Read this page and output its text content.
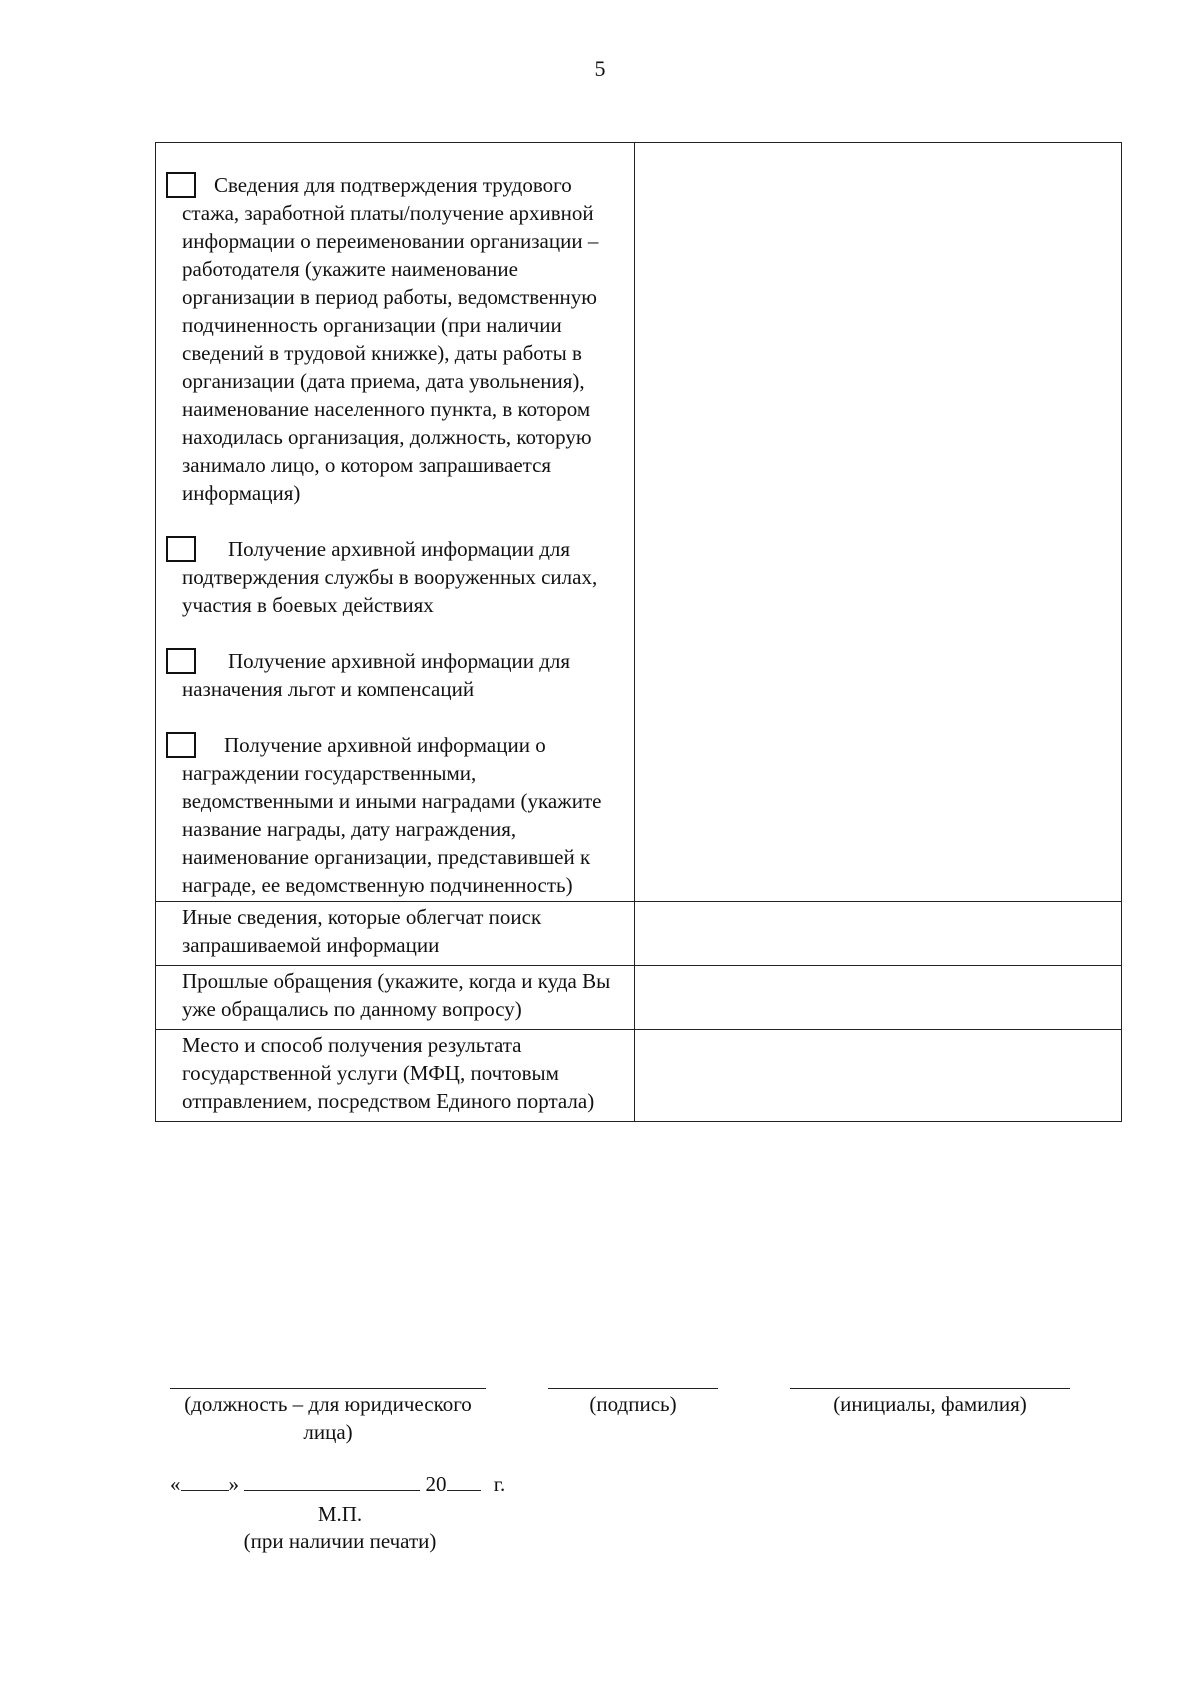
5

Сведения для подтверждения трудового стажа, заработной платы/получение архивной информации о переименовании организации – работодателя (укажите наименование организации в период работы, ведомственную подчиненность организации (при наличии сведений в трудовой книжке), даты работы в организации (дата приема, дата увольнения), наименование населенного пункта, в котором находилась организация, должность, которую занимало лицо, о котором запрашивается информация)

Получение архивной информации для подтверждения службы в вооруженных силах, участия в боевых действиях

Получение архивной информации для назначения льгот и компенсаций

Получение архивной информации о награждении государственными, ведомственными и иными наградами (укажите название награды, дату награждения, наименование организации, представившей к награде, ее ведомственную подчиненность)	

Иные сведения, которые облегчат поиск запрашиваемой информации	
Прошлые обращения (укажите, когда и куда Вы уже обращались по данному вопросу)	
Место и способ получения результата государственной услуги (МФЦ, почтовым отправлением, посредством Единого портала)	
(должность – для юридического лица)
(подпись)	(инициалы, фамилия)
« »	20 г.
М.П.
(при наличии печати)
